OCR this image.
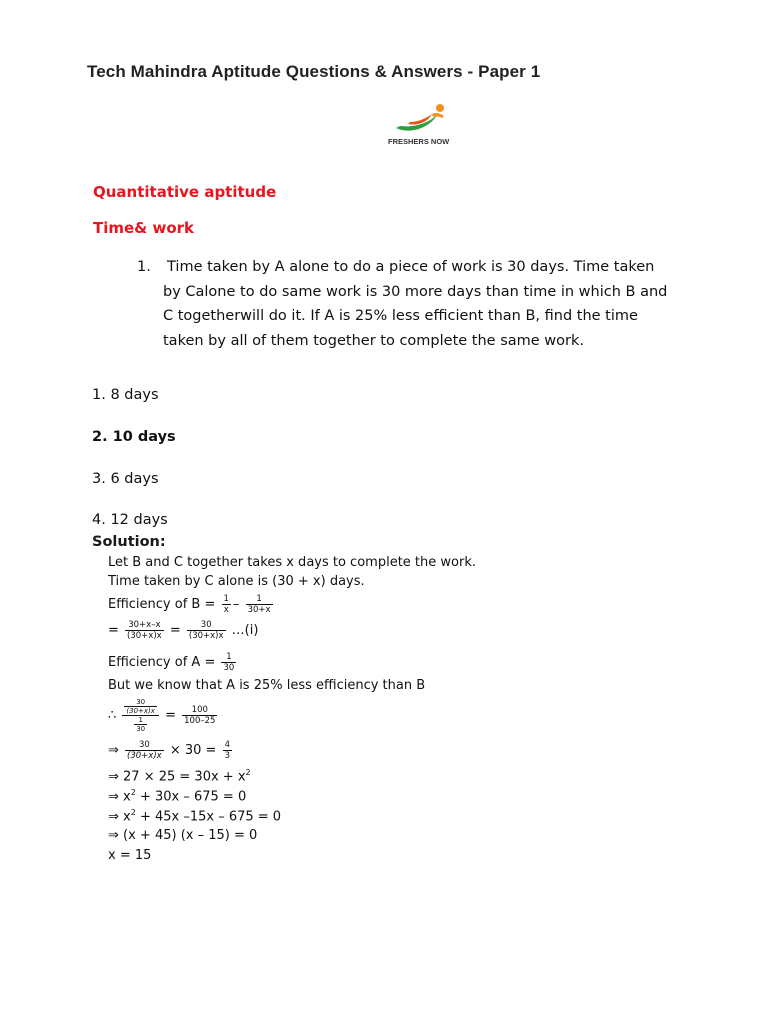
Tech Mahindra Aptitude Questions & Answers - Paper 1
FRESHERS NOW
Quantitative aptitude
Time& work
1. Time taken by A alone to do a piece of work is 30 days. Time taken
by Calone to do same work is 30 more days than time in which B and
C togetherwill do it. If A is 25% less efficient than B, find the time
taken by all of them together to complete the same work.
1. 8 days
2. 10 days
3. 6 days
4. 12 days
Solution:
Let B and C together takes x days to complete the work.
Time taken by C alone is (30 + x) days.
Efficiency of $B = \frac{1}{x} - \frac{1}{30+x}$
= $\frac{30+x-x}{(30+x)x} = \frac{30}{(30+x)x}$ …(i)
Efficiency of $A = \frac{1}{30}$
But we know that A is 25% less efficiency than B
∴ $\frac{\frac{30}{(30+x)x}}{\frac{1}{30}} = \frac{100}{100-25}$
⇒ $\frac{30}{(30+x)x} \times 30 = \frac{4}{3}$
⇒ $27 \times 25 = 30x + x^2$
⇒ $x^2 + 30x - 675 = 0$
⇒ $x^2 + 45x$ –15x – 675 = 0
⇒ (x + 45) (x – 15) = 0
x = 15
